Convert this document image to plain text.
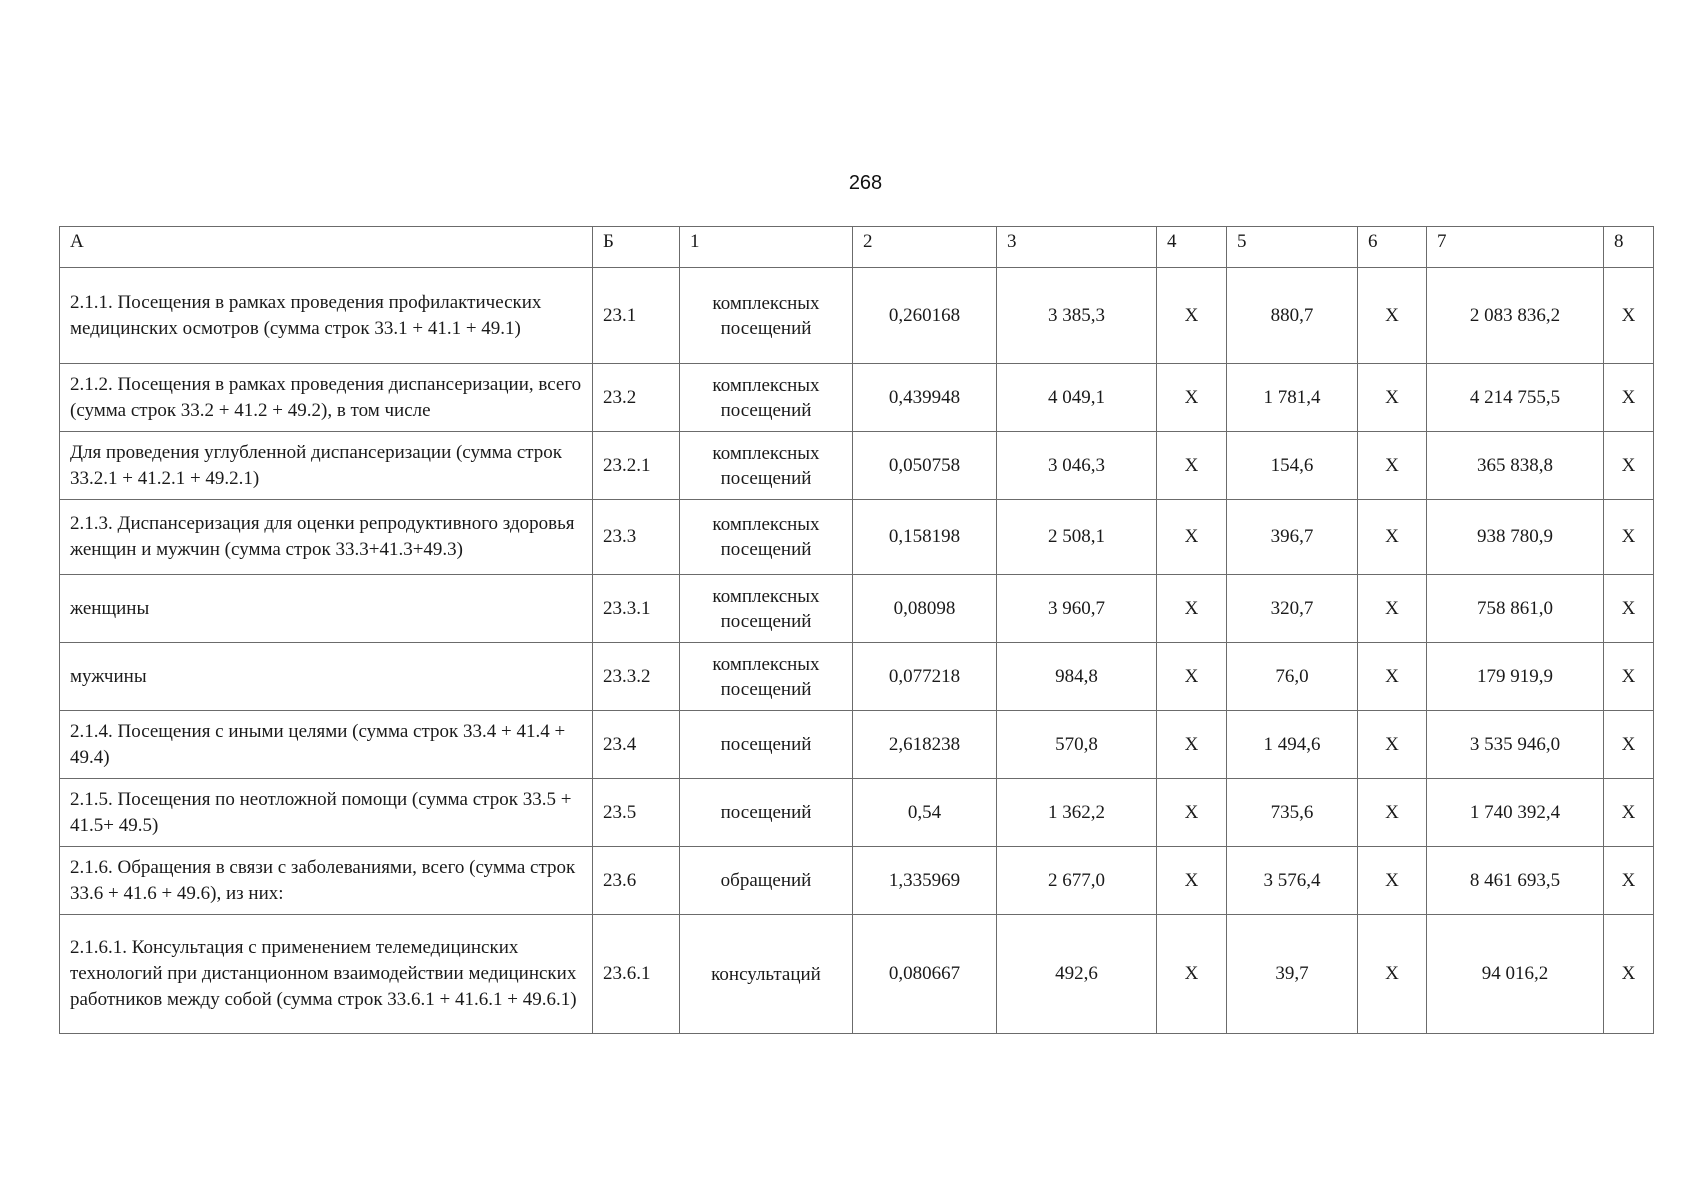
268
А	Б	1	2	3	4	5	6	7	8
2.1.1. Посещения в рамках проведения профилактических медицинских осмотров (сумма строк 33.1 + 41.1 + 49.1)	23.1	комплексных посещений	0,260168	3 385,3	Х	880,7	Х	2 083 836,2	Х
2.1.2. Посещения в рамках проведения диспансеризации, всего (сумма строк 33.2 + 41.2 + 49.2), в том числе	23.2	комплексных посещений	0,439948	4 049,1	Х	1 781,4	Х	4 214 755,5	Х
Для проведения углубленной диспансеризации (сумма строк 33.2.1 + 41.2.1 + 49.2.1)	23.2.1	комплексных посещений	0,050758	3 046,3	Х	154,6	Х	365 838,8	Х
2.1.3. Диспансеризация для оценки репродуктивного здоровья женщин и мужчин (сумма строк 33.3+41.3+49.3)	23.3	комплексных посещений	0,158198	2 508,1	Х	396,7	Х	938 780,9	Х
женщины	23.3.1	комплексных посещений	0,08098	3 960,7	Х	320,7	Х	758 861,0	Х
мужчины	23.3.2	комплексных посещений	0,077218	984,8	Х	76,0	Х	179 919,9	Х
2.1.4. Посещения с иными целями (сумма строк 33.4 + 41.4 + 49.4)	23.4	посещений	2,618238	570,8	Х	1 494,6	Х	3 535 946,0	Х
2.1.5. Посещения по неотложной помощи (сумма строк 33.5 + 41.5+ 49.5)	23.5	посещений	0,54	1 362,2	Х	735,6	Х	1 740 392,4	Х
2.1.6. Обращения в связи с заболеваниями, всего (сумма строк 33.6 + 41.6 + 49.6), из них:	23.6	обращений	1,335969	2 677,0	Х	3 576,4	Х	8 461 693,5	Х
2.1.6.1. Консультация с применением телемедицинских технологий при дистанционном взаимодействии медицинских работников между собой (сумма строк 33.6.1 + 41.6.1 + 49.6.1)	23.6.1	консультаций	0,080667	492,6	Х	39,7	Х	94 016,2	Х
